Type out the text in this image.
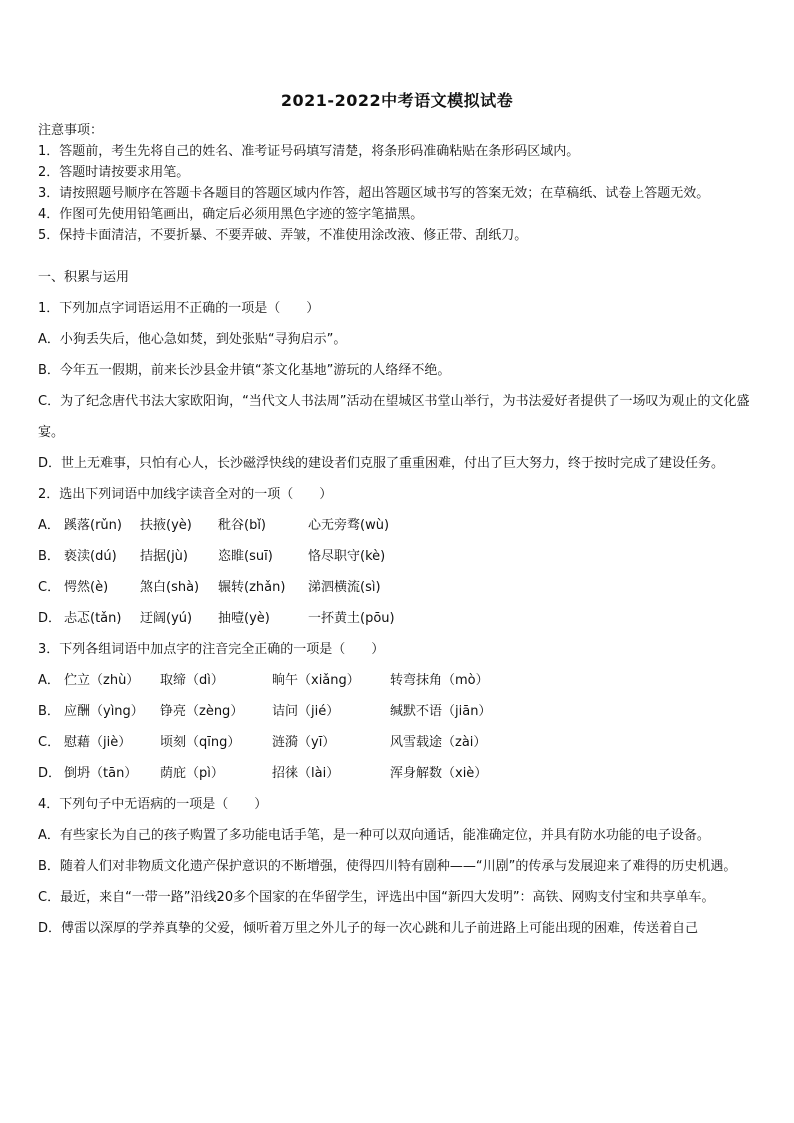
2021-2022中考语文模拟试卷
注意事项：
1．答题前，考生先将自己的姓名、准考证号码填写清楚，将条形码准确粘贴在条形码区域内。
2．答题时请按要求用笔。
3．请按照题号顺序在答题卡各题目的答题区域内作答，超出答题区域书写的答案无效；在草稿纸、试卷上答题无效。
4．作图可先使用铅笔画出，确定后必须用黑色字迹的签字笔描黑。
5．保持卡面清洁，不要折暴、不要弄破、弄皱，不准使用涂改液、修正带、刮纸刀。
一、积累与运用
1．下列加点字词语运用不正确的一项是（　　）
A．小狗丢失后，他心急如焚，到处张贴“寻狗启示”。
B．今年五一假期，前来长沙县金井镇“茶文化基地”游玩的人络绎不绝。
C．为了纪念唐代书法大家欧阳询，“当代文人书法周”活动在望城区书堂山举行，为书法爱好者提供了一场叹为观止的文化盛宴。
D．世上无难事，只怕有心人，长沙磁浮快线的建设者们克服了重重困难，付出了巨大努力，终于按时完成了建设任务。
2．选出下列词语中加线字读音全对的一项（　　）
A． 蹊落(rǔn)	扶掖(yè)	秕谷(bǐ)	心无旁骛(wù)
B． 亵渎(dú)	拮据(jù)	恣睢(suī)	恪尽职守(kè)
C． 愕然(è)	煞白(shà)	辗转(zhǎn)	涕泗横流(sì)
D． 忐忑(tǎn)	迂阔(yú)	抽噎(yè)	一抔黄土(pōu)
3．下列各组词语中加点字的注音完全正确的一项是（　　）
A． 伫立（zhù）	取缔（dì）	晌午（xiǎng）	转弯抹角（mò）
B． 应酬（yìng）	铮亮（zèng）	诘问（jié）	缄默不语（jiān）
C． 慰藉（jiè）	顷刻（qīng）	涟漪（yī）	风雪载途（zài）
D． 倒坍（tān）	荫庇（pì）	招徕（lài）	浑身解数（xiè）
4．下列句子中无语病的一项是（　　）
A．有些家长为自己的孩子购置了多功能电话手笔，是一种可以双向通话，能准确定位，并具有防水功能的电子设备。
B．随着人们对非物质文化遗产保护意识的不断增强，使得四川特有剧种——“川剧”的传承与发展迎来了难得的历史机遇。
C．最近，来自“一带一路”沿线20多个国家的在华留学生，评选出中国“新四大发明”：高铁、网购支付宝和共享单车。
D．傅雷以深厚的学养真挚的父爱，倾听着万里之外儿子的每一次心跳和儿子前进路上可能出现的困难，传送着自己
